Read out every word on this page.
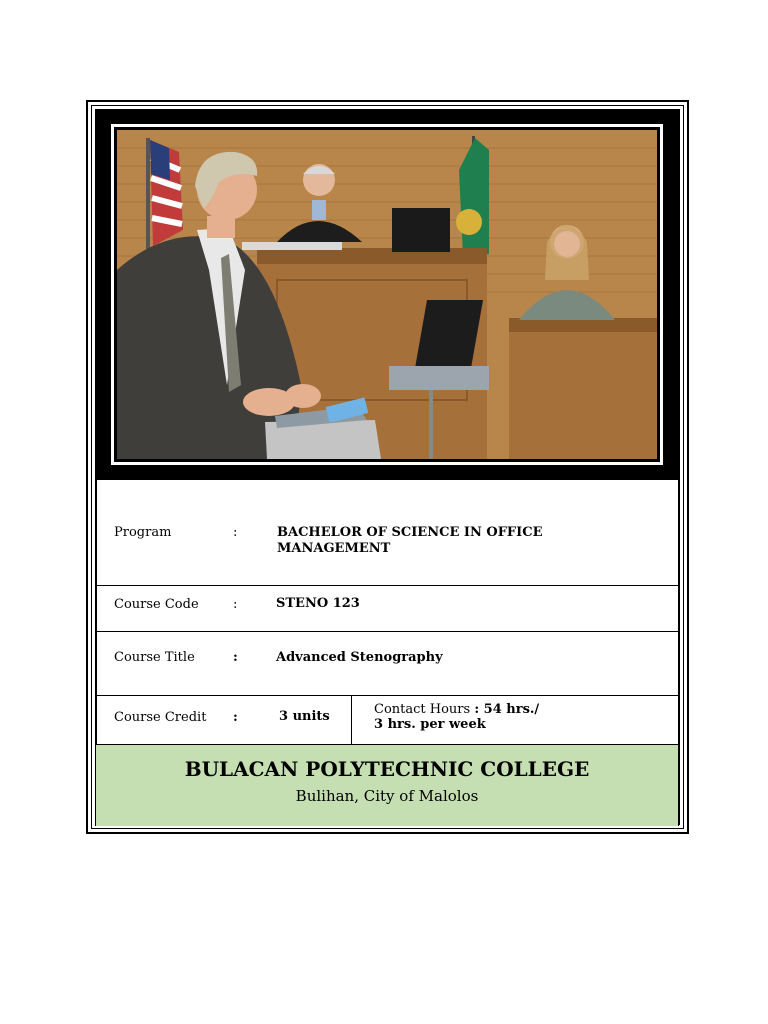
Program	:	BACHELOR OF SCIENCE IN OFFICE MANAGEMENT
Course Code	:	STENO 123
Course Title	:	Advanced Stenography
Course Credit :	3 units	Contact Hours : 54 hrs./
3 hrs. per week
BULACAN POLYTECHNIC COLLEGE
Bulihan, City of Malolos
